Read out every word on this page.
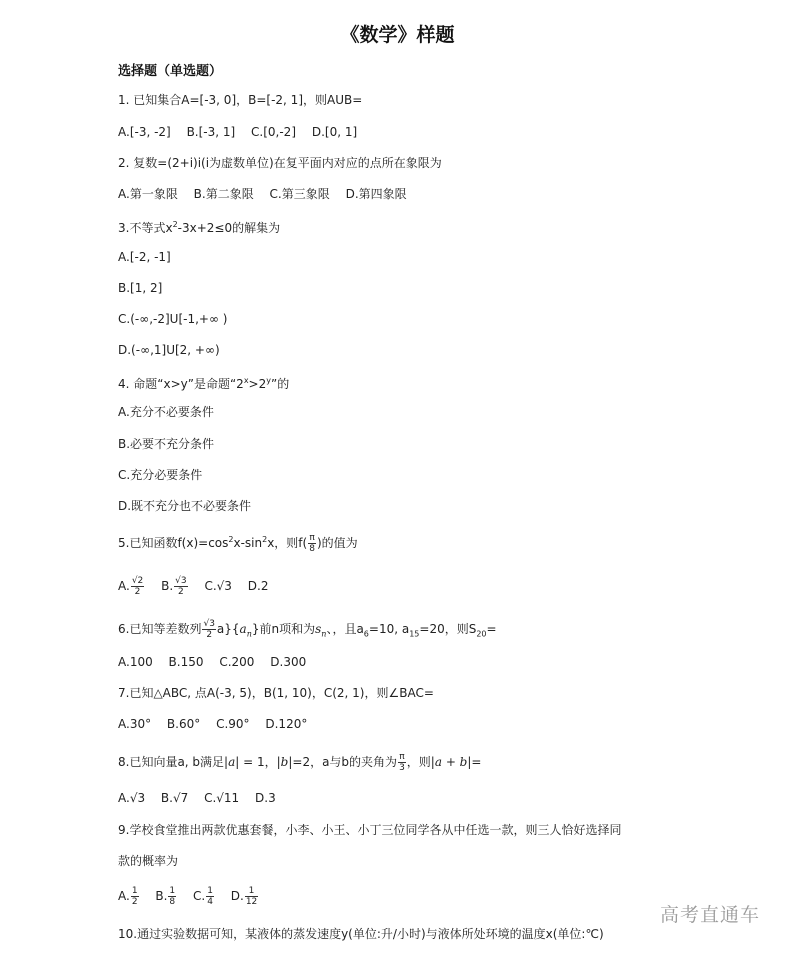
《数学》样题
选择题（单选题）
1. 已知集合A=[-3, 0]，B=[-2, 1]，则AUB=
A.[-3, -2] B.[-3, 1] C.[0,-2] D.[0, 1]
2. 复数=(2+i)i(i为虚数单位)在复平面内对应的点所在象限为
A.第一象限 B.第二象限 C.第三象限 D.第四象限
3.不等式$x^2-3x+2\le 0$的解集为
A.[-2, -1]
B.[1, 2]
C.(-∞,-2]U[-1,+∞ )
D.(-∞,1]U[2, +∞)
4. 命题“x>y”是命题“$2^x>2^y$”的
A.充分不必要条件
B.必要不充分条件
C.充分必要条件
D.既不充分也不必要条件
5.已知函数$f(x)=\cos^2x-\sin^2x$，则$f( \frac{\pi}{8}$ )的值为
A. $\frac{√2}{2} B$. $\frac{√3}{2} C.√3$ D.2
6.已知等差数列 $\frac{√3}{2} a\}\{a_n\}$前n项和为$s_n$、，且$a_6=10$, $a_{15}=20$，则$S_{20}=$
A.100 B.150 C.200 D.300
7.已知△ABC, 点A(-3, 5)，B(1, 10)，C(2, 1)，则∠BAC=
A.30° B.60° C.90° D.120°
8.已知向量a, b满足|a| = 1，|b|=2，a与b的夹角为 $\frac{\pi}{3}$ ，则|a + b|=
A.√3 B.√7 C.√11 D.3
9.学校食堂推出两款优惠套餐，小李、小王、小丁三位同学各从中任选一款，则三人恰好选择同
款的概率为
A. $\frac{1}{2} B$. $\frac{1}{8} C$. $\frac{1}{4} D$. $\frac{1}{12}$
10.通过实验数据可知，某液体的蒸发速度y(单位:升/小时)与液体所处环境的温度x(单位:℃)
高考直通车
